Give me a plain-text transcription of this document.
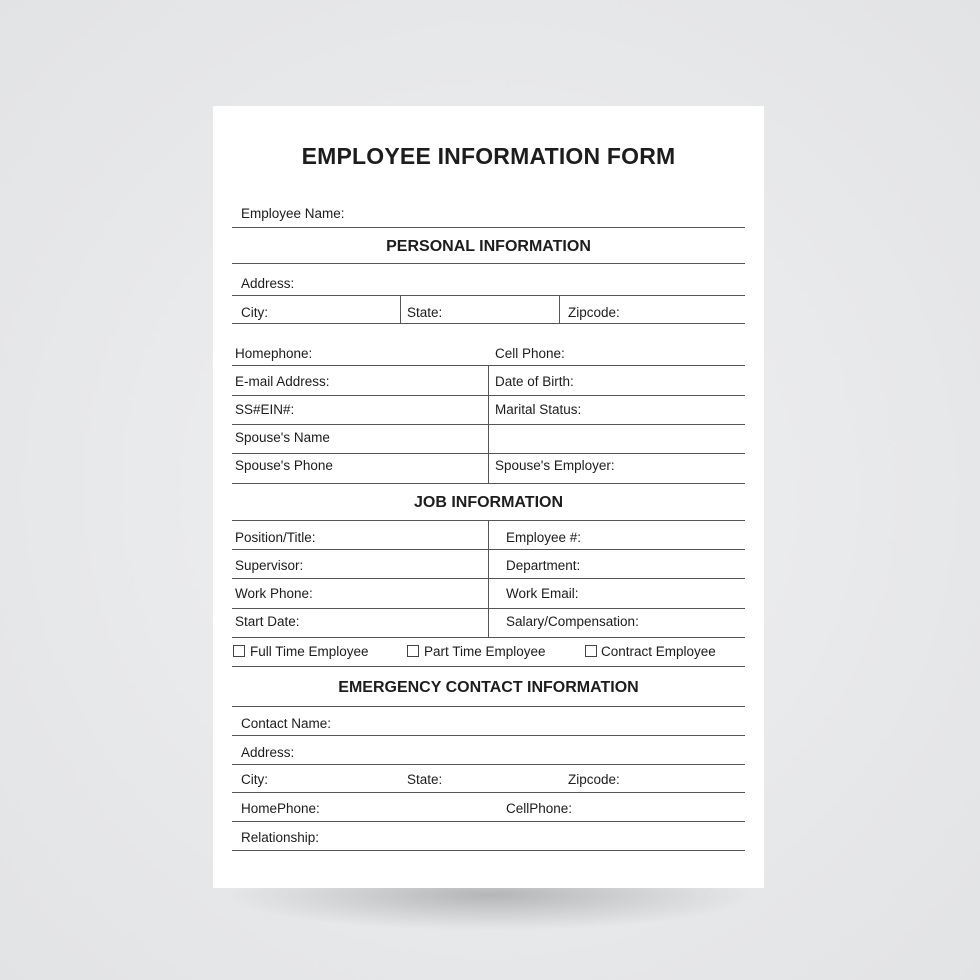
EMPLOYEE INFORMATION FORM
Employee Name:
PERSONAL INFORMATION
Address:
City:	State:	Zipcode:
Homephone:	Cell Phone:
E-mail Address:	Date of Birth:
SS#EIN#:	Marital Status:
Spouse's Name
Spouse's Phone	Spouse's Employer:
JOB INFORMATION
Position/Title:	Employee #:
Supervisor:	Department:
Work Phone:	Work Email:
Start Date:	Salary/Compensation:
Full Time Employee	Part Time Employee	Contract Employee
EMERGENCY CONTACT INFORMATION
Contact Name:
Address:
City:	State:	Zipcode:
HomePhone:	CellPhone:
Relationship:
